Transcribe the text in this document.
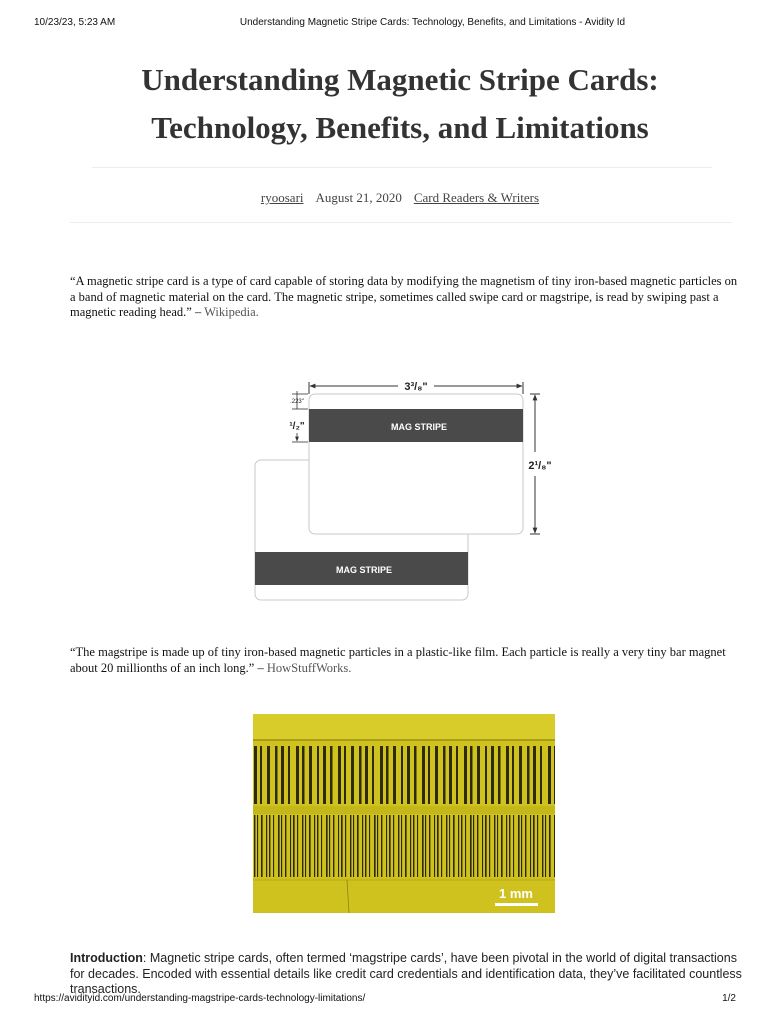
10/23/23, 5:23 AM	Understanding Magnetic Stripe Cards: Technology, Benefits, and Limitations - Avidity Id
Understanding Magnetic Stripe Cards:
Technology, Benefits, and Limitations
ryoosari August 21, 2020 Card Readers & Writers

“A magnetic stripe card is a type of card capable of storing data by modifying the magnetism of tiny iron-based magnetic particles on a band of magnetic material on the card. The magnetic stripe, sometimes called swipe card or magstripe, is read by swiping past a magnetic reading head.” – Wikipedia.

MAG STRIPE
MAG STRIPE
3³/₈"
2¹/₈"
.223"
¹/₂"

“The magstripe is made up of tiny iron-based magnetic particles in a plastic-like film. Each particle is really a very tiny bar magnet about 20 millionths of an inch long.” – HowStuffWorks.

1 mm

Introduction: Magnetic stripe cards, often termed ‘magstripe cards’, have been pivotal in the world of digital transactions for decades. Encoded with essential details like credit card credentials and identification data, they’ve facilitated countless transactions.

https://avidityid.com/understanding-magstripe-cards-technology-limitations/	1/2
